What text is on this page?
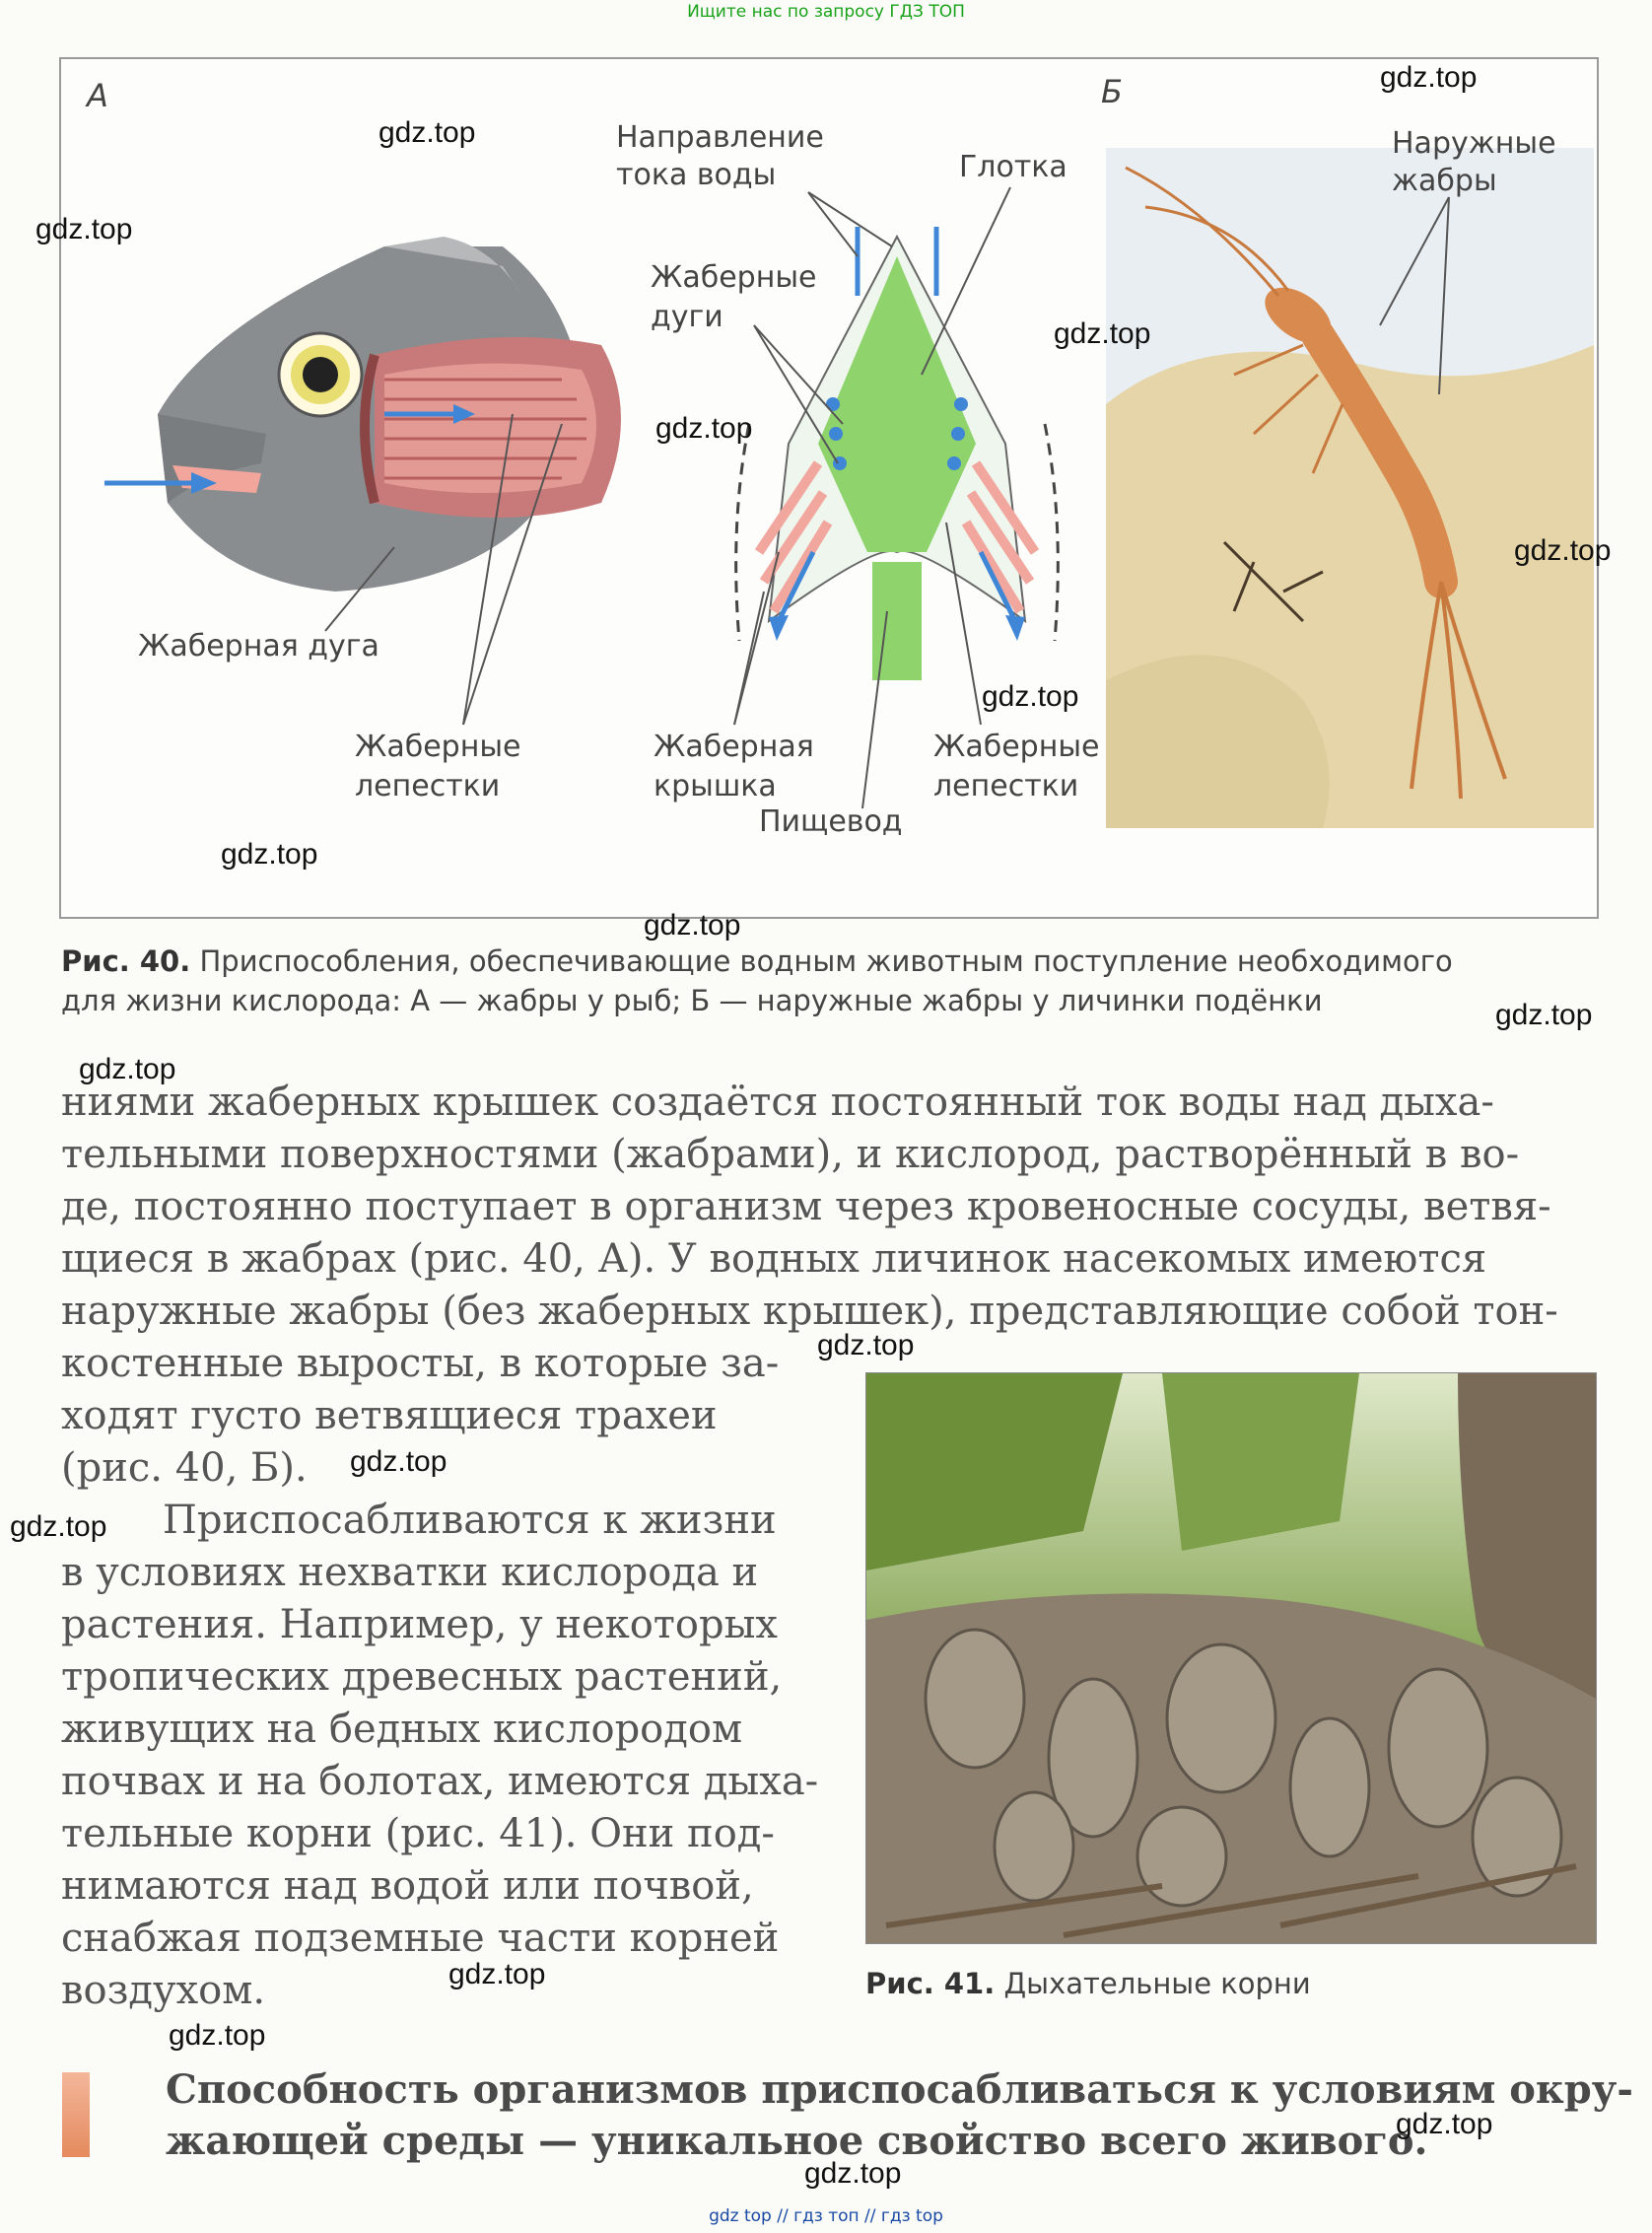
Ищите нас по запросу ГДЗ ТОП
А	Б
Направление
тока воды	Глотка
Жаберные
дуги
Наружные
жабры
Жаберная дуга
Жаберные
лепестки
Жаберная
крышка
Пищевод
Жаберные
лепестки
Рис. 40. Приспособления, обеспечивающие водным животным поступление необходимого
для жизни кислорода: А — жабры у рыб; Б — наружные жабры у личинки подёнки
ниями жаберных крышек создаётся постоянный ток воды над дыха-
тельными поверхностями (жабрами), и кислород, растворённый в во-
де, постоянно поступает в организм через кровеносные сосуды, ветвя-
щиеся в жабрах (рис. 40, А). У водных личинок насекомых имеются
наружные жабры (без жаберных крышек), представляющие собой тон-
костенные выросты, в которые за-
ходят густо ветвящиеся трахеи
(рис. 40, Б).
Приспосабливаются к жизни
в условиях нехватки кислорода и
растения. Например, у некоторых
тропических древесных растений,
живущих на бедных кислородом
почвах и на болотах, имеются дыха-
тельные корни (рис. 41). Они под-
нимаются над водой или почвой,
снабжая подземные части корней
воздухом.	Рис. 41. Дыхательные корни
Способность организмов приспосабливаться к условиям окру-
жающей среды — уникальное свойство всего живого.
gdz.top
gdz.top
gdz.top
gdz.top
gdz.top
gdz.top
gdz.top
gdz.top
gdz.top
gdz.top
gdz.top
gdz.top
gdz.top
gdz.top
gdz.top
gdz.top
gdz.top
gdz.top
gdz top // гдз топ // гдз top
